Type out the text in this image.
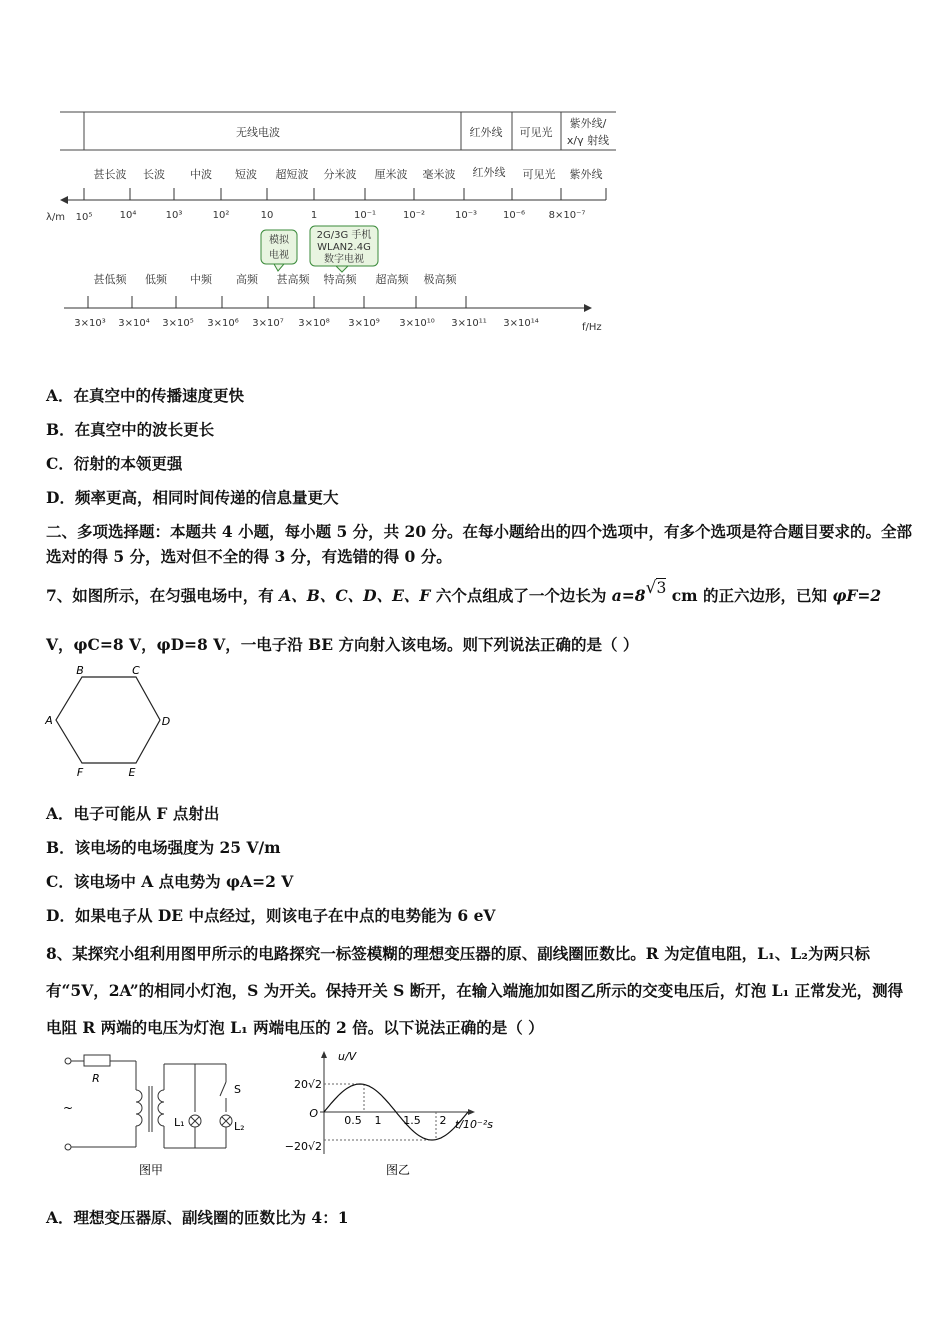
无线电波	红外线 可见光
紫外线/
x/γ 射线
甚长波 长波 中波 短波 超短波 分米波 厘米波 毫米波 红外线 可见光 紫外线
λ/m 10⁵	10⁴	10³	10²	10	1	10⁻¹	10⁻²	10⁻³	10⁻⁶ 8×10⁻⁷
模拟
电视
2G/3G 手机
WLAN2.4G
数字电视
甚低频 低频 中频 高频 甚高频 特高频 超高频 极高频
3×10³ 3×10⁴ 3×10⁵ 3×10⁶ 3×10⁷ 3×10⁸ 3×10⁹ 3×10¹⁰ 3×10¹¹ 3×10¹⁴	f/Hz
A．在真空中的传播速度更快
B．在真空中的波长更长
C．衍射的本领更强
D．频率更高，相同时间传递的信息量更大
二、多项选择题：本题共 4 小题，每小题 5 分，共 20 分。在每小题给出的四个选项中，有多个选项是符合题目要求的。全部选对的得 5 分，选对但不全的得 3 分，有选错的得 0 分。
7、如图所示，在匀强电场中，有 A、B、C、D、E、F 六个点组成了一个边长为 a=8√3 cm 的正六边形，已知 φF=2
V，φC=8 V，φD=8 V，一电子沿 BE 方向射入该电场。则下列说法正确的是（ ）
B	C
A	D
F	E
A．电子可能从 F 点射出
B．该电场的电场强度为 25 V/m
C．该电场中 A 点电势为 φA=2 V
D．如果电子从 DE 中点经过，则该电子在中点的电势能为 6 eV
8、某探究小组利用图甲所示的电路探究一标签模糊的理想变压器的原、副线圈匝数比。R 为定值电阻，L₁、L₂为两只标有“5V，2A”的相同小灯泡，S 为开关。保持开关 S 断开，在输入端施加如图乙所示的交变电压后，灯泡 L₁ 正常发光，测得电阻 R 两端的电压为灯泡 L₁ 两端电压的 2 倍。以下说法正确的是（ ）
R
~
S
L₁	L₂
图甲
u/V
t/10⁻²s
O
20√2
−20√2
0.5 1 1.5 2
图乙
A．理想变压器原、副线圈的匝数比为 4：1
